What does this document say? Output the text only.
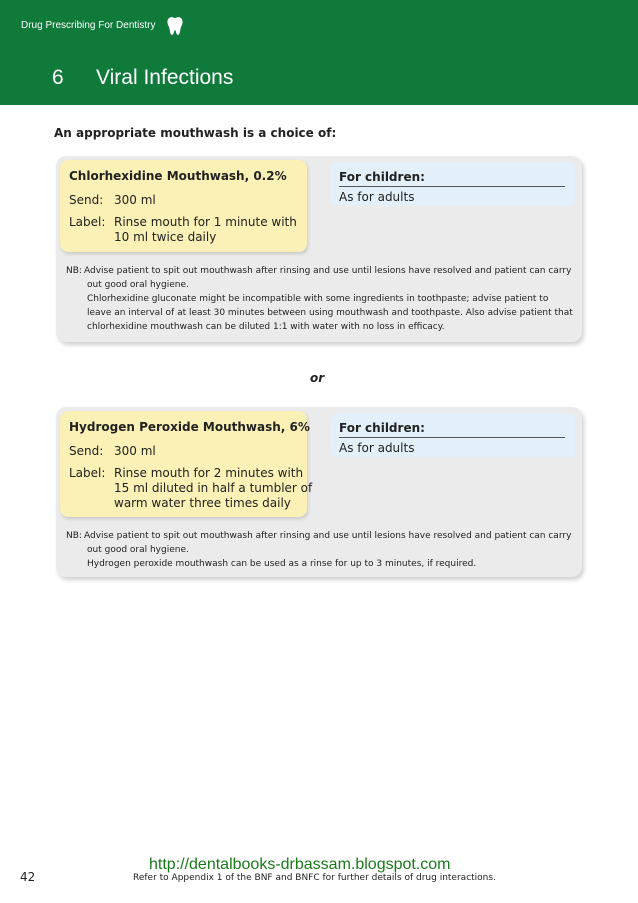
Drug Prescribing For Dentistry
6 Viral Infections
An appropriate mouthwash is a choice of:
Chlorhexidine Mouthwash, 0.2%
Send: 300 ml
Label: Rinse mouth for 1 minute with
10 ml twice daily
For children:
As for adults
NB: Advise patient to spit out mouthwash after rinsing and use until lesions have resolved and patient can carry
out good oral hygiene.
Chlorhexidine gluconate might be incompatible with some ingredients in toothpaste; advise patient to
leave an interval of at least 30 minutes between using mouthwash and toothpaste. Also advise patient that
chlorhexidine mouthwash can be diluted 1:1 with water with no loss in efficacy.
or
Hydrogen Peroxide Mouthwash, 6%
Send: 300 ml
Label: Rinse mouth for 2 minutes with
15 ml diluted in half a tumbler of
warm water three times daily
For children:
As for adults
NB: Advise patient to spit out mouthwash after rinsing and use until lesions have resolved and patient can carry
out good oral hygiene.
Hydrogen peroxide mouthwash can be used as a rinse for up to 3 minutes, if required.
http://dentalbooks-drbassam.blogspot.com
42	Refer to Appendix 1 of the BNF and BNFC for further details of drug interactions.
